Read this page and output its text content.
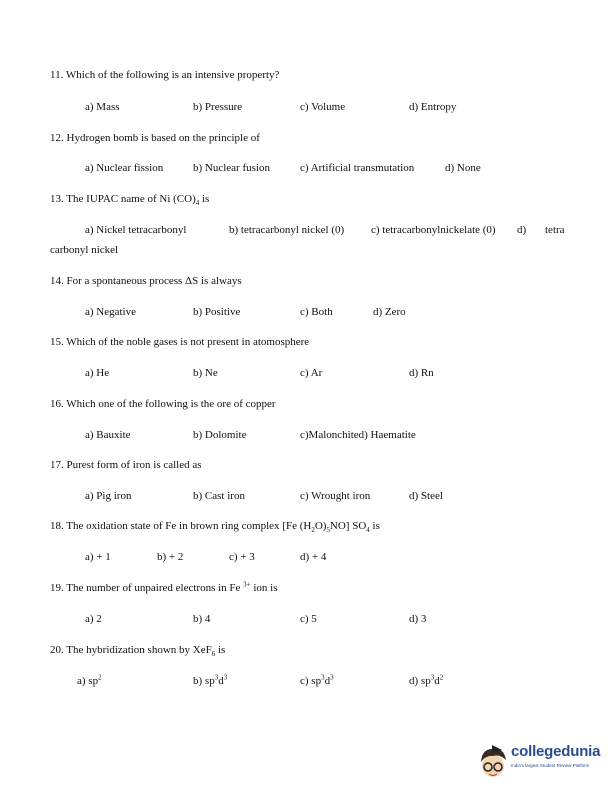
11. Which of the following is an intensive property?
a) Mass	b) Pressure	c) Volume	d) Entropy
12. Hydrogen bomb is based on the principle of
a) Nuclear fission	b) Nuclear fusion	c) Artificial transmutation	d) None
13. The IUPAC name of Ni $(CO)_4$ is
a) Nickel tetracarbonyl	b) tetracarbonyl nickel (0) c) tetracarbonylnickelate (0) d) tetra
carbonyl nickel
14. For a spontaneous process ΔS is always
a) Negative	b) Positive	c) Both	d) Zero
15. Which of the noble gases is not present in atomosphere
a) He	b) Ne	c) Ar	d) Rn
16. Which one of the following is the ore of copper
a) Bauxite	b) Dolomite	c)Malonchited) Haematite
17. Purest form of iron is called as
a) Pig iron	b) Cast iron	c) Wrought iron	d) Steel
18. The oxidation state of Fe in brown ring complex [Fe $(H_2O)_5NO$] $SO_4$ is
a) + 1	b) + 2	c) + 3	d) + 4
19. The number of unpaired electrons in Fe $^{3+}$ ion is
a) 2	b) 4	c) 5	d) 3
20. The hybridization shown by XeF$_6$ is
a) $sp^2$	b) $sp^3d^3$	c) $sp^3d^3$	d) $sp^3d^2$
collegedunia
India's largest Student Review Platform
